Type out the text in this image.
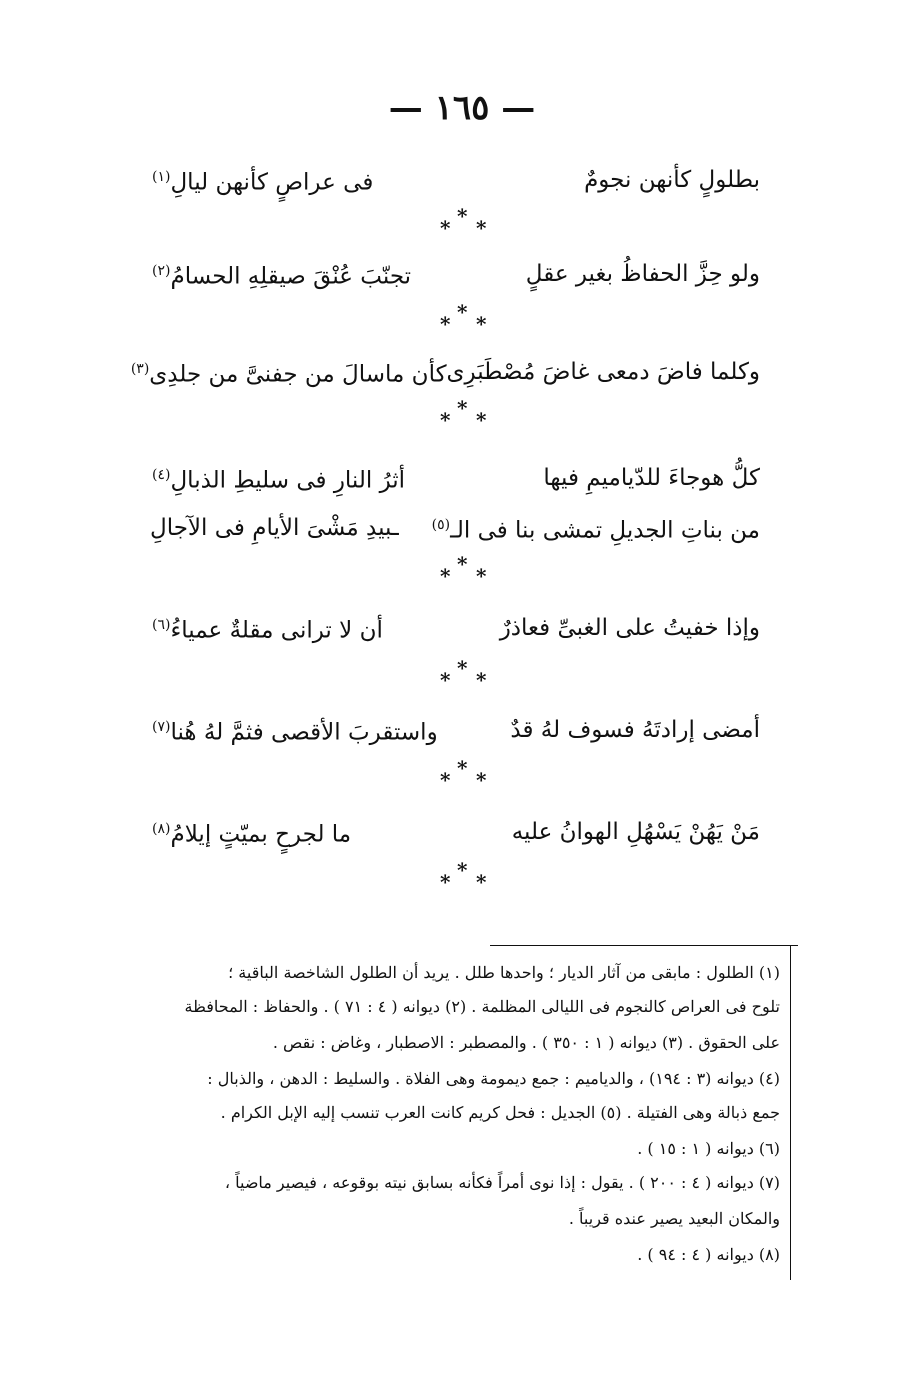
— ١٦٥ —
بطلولٍ كأنهن نجومٌ
فى عراصٍ كأنهن ليالِ$^{(١)}$
* * *
ولو حِزَّ الحفاظُ بغير عقلٍ
تجنّبَ عُنْقَ صيقلِهِ الحسامُ$^{(٢)}$
* * *
وكلما فاضَ دمعى غاضَ مُصْطَبَرِى
كأن ماسالَ من جفنىَّ من جلدِى$^{(٣)}$
* * *
كلُّ هوجاءَ للدّياميمِ فيها
أثرُ النارِ فى سليطِ الذبالِ$^{(٤)}$
من بناتِ الجديلِ تمشى بنا فى الـ$^{(٥)}$
ـبيدِ مَشْىَ الأيامِ فى الآجالِ
* * *
وإذا خفيتُ على الغبىِّ فعاذرٌ
أن لا ترانى مقلةٌ عمياءُ$^{(٦)}$
* * *
أمضى إرادتَهُ فسوف لهُ قدٌ
واستقربَ الأقصى فثمَّ لهُ هُنا$^{(٧)}$
* * *
مَنْ يَهُنْ يَسْهُلِ الهوانُ عليه
ما لجرحٍ بميّتٍ إيلامُ$^{(٨)}$
* * *
(١) الطلول : مابقى من آثار الديار ؛ واحدها طلل . يريد أن الطلول الشاخصة الباقية ؛
تلوح فى العراص كالنجوم فى الليالى المظلمة . (٢) ديوانه ( ٤ : ٧١ ) . والحفاظ : المحافظة
على الحقوق . (٣) ديوانه ( ١ : ٣٥٠ ) . والمصطبر : الاصطبار ، وغاض : نقص .
(٤) ديوانه (٣ : ١٩٤) ، والدياميم : جمع ديمومة وهى الفلاة . والسليط : الدهن ، والذبال :
جمع ذبالة وهى الفتيلة . (٥) الجديل : فحل كريم كانت العرب تنسب إليه الإبل الكرام .
(٦) ديوانه ( ١ : ١٥ ) .
(٧) ديوانه ( ٤ : ٢٠٠ ) . يقول : إذا نوى أمراً فكأنه بسابق نيته بوقوعه ، فيصير ماضياً ،
والمكان البعيد يصير عنده قريباً .
(٨) ديوانه ( ٤ : ٩٤ ) .
